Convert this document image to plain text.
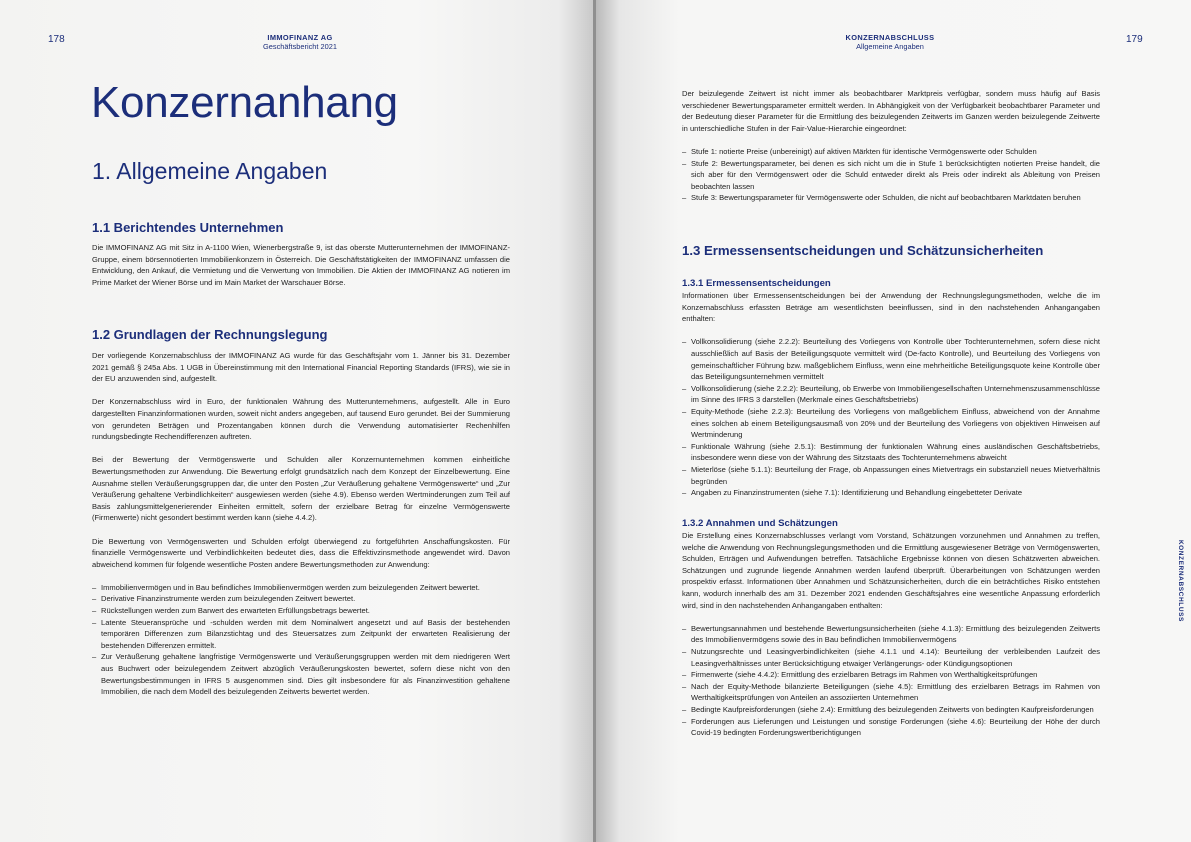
178	IMMOFINANZ AG
Geschäftsbericht 2021
Konzernanhang
1. Allgemeine Angaben
1.1 Berichtendes Unternehmen

Die IMMOFINANZ AG mit Sitz in A-1100 Wien, Wienerbergstraße 9, ist das oberste Mutterunternehmen der IMMOFINANZ-Gruppe, einem börsennotierten Immobilienkonzern in Österreich. Die Geschäftstätigkeiten der IMMOFINANZ umfassen die Entwicklung, den Ankauf, die Vermietung und die Verwertung von Immobilien. Die Aktien der IMMOFINANZ AG notieren im Prime Market der Wiener Börse und im Main Market der Warschauer Börse.

1.2 Grundlagen der Rechnungslegung

Der vorliegende Konzernabschluss der IMMOFINANZ AG wurde für das Geschäftsjahr vom 1. Jänner bis 31. Dezember 2021 gemäß § 245a Abs. 1 UGB in Übereinstimmung mit den International Financial Reporting Standards (IFRS), wie sie in der EU anzuwenden sind, aufgestellt.

Der Konzernabschluss wird in Euro, der funktionalen Währung des Mutterunternehmens, aufgestellt. Alle in Euro dargestellten Finanzinformationen wurden, soweit nicht anders angegeben, auf tausend Euro gerundet. Bei der Summierung von gerundeten Beträgen und Prozentangaben können durch die Verwendung automatisierter Rechenhilfen rundungsbedingte Rechendifferenzen auftreten.

Bei der Bewertung der Vermögenswerte und Schulden aller Konzernunternehmen kommen einheitliche Bewertungsmethoden zur Anwendung. Die Bewertung erfolgt grundsätzlich nach dem Konzept der Einzelbewertung. Eine Ausnahme stellen Veräußerungsgruppen dar, die unter den Posten „Zur Veräußerung gehaltene Vermögenswerte“ und „Zur Veräußerung gehaltene Verbindlichkeiten“ ausgewiesen werden (siehe 4.9). Ebenso werden Wertminderungen zum Teil auf Basis zahlungsmittelgenerierender Einheiten ermittelt, sofern der erzielbare Betrag für einzelne Vermögenswerte (Firmenwerte) nicht gesondert bestimmt werden kann (siehe 4.4.2).

Die Bewertung von Vermögenswerten und Schulden erfolgt überwiegend zu fortgeführten Anschaffungskosten. Für finanzielle Vermögenswerte und Verbindlichkeiten bedeutet dies, dass die Effektivzinsmethode angewendet wird. Davon abweichend kommen für folgende wesentliche Posten andere Bewertungsmethoden zur Anwendung:

– Immobilienvermögen und in Bau befindliches Immobilienvermögen werden zum beizulegenden Zeitwert bewertet.
– Derivative Finanzinstrumente werden zum beizulegenden Zeitwert bewertet.
– Rückstellungen werden zum Barwert des erwarteten Erfüllungsbetrags bewertet.
– Latente Steueransprüche und -schulden werden mit dem Nominalwert angesetzt und auf Basis der bestehenden temporären Differenzen zum Bilanzstichtag und des Steuersatzes zum Zeitpunkt der erwarteten Realisierung der bestehenden Differenzen ermittelt.
– Zur Veräußerung gehaltene langfristige Vermögenswerte und Veräußerungsgruppen werden mit dem niedrigeren Wert aus Buchwert oder beizulegendem Zeitwert abzüglich Veräußerungskosten bewertet, sofern diese nicht von den Bewertungsbestimmungen in IFRS 5 ausgenommen sind. Dies gilt insbesondere für als Finanzinvestition gehaltene Immobilien, die nach dem Modell des beizulegenden Zeitwerts bewertet werden.
KONZERNABSCHLUSS
Allgemeine Angaben
179

Der beizulegende Zeitwert ist nicht immer als beobachtbarer Marktpreis verfügbar, sondern muss häufig auf Basis verschiedener Bewertungsparameter ermittelt werden. In Abhängigkeit von der Verfügbarkeit beobachtbarer Parameter und der Bedeutung dieser Parameter für die Ermittlung des beizulegenden Zeitwerts im Ganzen werden beizulegende Zeitwerte in unterschiedliche Stufen in der Fair-Value-Hierarchie eingeordnet:

– Stufe 1: notierte Preise (unbereinigt) auf aktiven Märkten für identische Vermögenswerte oder Schulden
– Stufe 2: Bewertungsparameter, bei denen es sich nicht um die in Stufe 1 berücksichtigten notierten Preise handelt, die sich aber für den Vermögenswert oder die Schuld entweder direkt als Preis oder indirekt als Ableitung von Preisen beobachten lassen
– Stufe 3: Bewertungsparameter für Vermögenswerte oder Schulden, die nicht auf beobachtbaren Marktdaten beruhen
1.3 Ermessensentscheidungen und Schätzunsicherheiten
1.3.1 Ermessensentscheidungen

Informationen über Ermessensentscheidungen bei der Anwendung der Rechnungslegungsmethoden, welche die im Konzernabschluss erfassten Beträge am wesentlichsten beeinflussen, sind in den nachstehenden Anhangangaben enthalten:

– Vollkonsolidierung (siehe 2.2.2): Beurteilung des Vorliegens von Kontrolle über Tochterunternehmen, sofern diese nicht ausschließlich auf Basis der Beteiligungsquote vermittelt wird (De-facto Kontrolle), und Beurteilung des Vorliegens von gemeinschaftlicher Führung bzw. maßgeblichem Einfluss, wenn eine mehrheitliche Beteiligungsquote keine Kontrolle über das Beteiligungsunternehmen vermittelt
– Vollkonsolidierung (siehe 2.2.2): Beurteilung, ob Erwerbe von Immobiliengesellschaften Unternehmenszusammenschlüsse im Sinne des IFRS 3 darstellen (Merkmale eines Geschäftsbetriebs)
– Equity-Methode (siehe 2.2.3): Beurteilung des Vorliegens von maßgeblichem Einfluss, abweichend von der Annahme eines solchen ab einem Beteiligungsausmaß von 20% und der Beurteilung des Vorliegens von objektiven Hinweisen auf Wertminderung
– Funktionale Währung (siehe 2.5.1): Bestimmung der funktionalen Währung eines ausländischen Geschäftsbetriebs, insbesondere wenn diese von der Währung des Sitzstaats des Tochterunternehmens abweicht
– Mieterlöse (siehe 5.1.1): Beurteilung der Frage, ob Anpassungen eines Mietvertrags ein substanziell neues Mietverhältnis begründen
– Angaben zu Finanzinstrumenten (siehe 7.1): Identifizierung und Behandlung eingebetteter Derivate
1.3.2 Annahmen und Schätzungen

Die Erstellung eines Konzernabschlusses verlangt vom Vorstand, Schätzungen vorzunehmen und Annahmen zu treffen, welche die Anwendung von Rechnungslegungsmethoden und die Ermittlung ausgewiesener Beträge von Vermögenswerten, Schulden, Erträgen und Aufwendungen betreffen. Tatsächliche Ergebnisse können von diesen Schätzwerten abweichen. Schätzungen und zugrunde liegende Annahmen werden laufend überprüft. Überarbeitungen von Schätzungen werden prospektiv erfasst. Informationen über Annahmen und Schätzunsicherheiten, durch die ein beträchtliches Risiko entstehen kann, wodurch innerhalb des am 31. Dezember 2021 endenden Geschäftsjahres eine wesentliche Anpassung erforderlich wird, sind in den nachstehenden Anhangangaben enthalten:

– Bewertungsannahmen und bestehende Bewertungsunsicherheiten (siehe 4.1.3): Ermittlung des beizulegenden Zeitwerts des Immobilienvermögens sowie des in Bau befindlichen Immobilienvermögens
– Nutzungsrechte und Leasingverbindlichkeiten (siehe 4.1.1 und 4.14): Beurteilung der verbleibenden Laufzeit des Leasingverhältnisses unter Berücksichtigung etwaiger Verlängerungs- oder Kündigungsoptionen
– Firmenwerte (siehe 4.4.2): Ermittlung des erzielbaren Betrags im Rahmen von Werthaltigkeitsprüfungen
– Nach der Equity-Methode bilanzierte Beteiligungen (siehe 4.5): Ermittlung des erzielbaren Betrags im Rahmen von Werthaltigkeitsprüfungen von Anteilen an assoziierten Unternehmen
– Bedingte Kaufpreisforderungen (siehe 2.4): Ermittlung des beizulegenden Zeitwerts von bedingten Kaufpreisforderungen
– Forderungen aus Lieferungen und Leistungen und sonstige Forderungen (siehe 4.6): Beurteilung der Höhe der durch Covid-19 bedingten Forderungswertberichtigungen
KONZERNABSCHLUSS
